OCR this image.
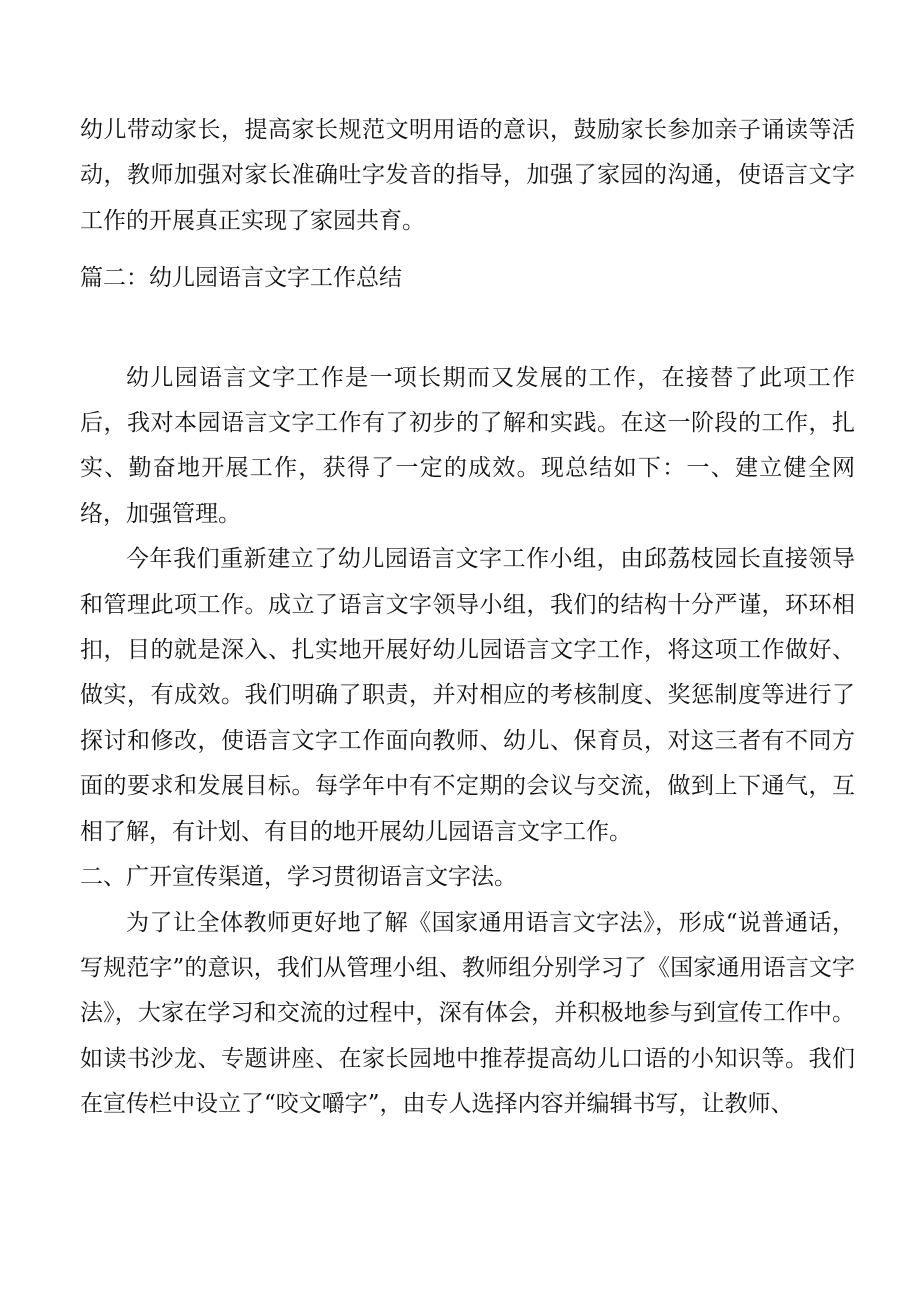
幼儿带动家长，提高家长规范文明用语的意识，鼓励家长参加亲子诵读等活动，教师加强对家长准确吐字发音的指导，加强了家园的沟通，使语言文字工作的开展真正实现了家园共育。

篇二：幼儿园语言文字工作总结

幼儿园语言文字工作是一项长期而又发展的工作，在接替了此项工作后，我对本园语言文字工作有了初步的了解和实践。在这一阶段的工作，扎实、勤奋地开展工作，获得了一定的成效。现总结如下：一、建立健全网络，加强管理。

今年我们重新建立了幼儿园语言文字工作小组，由邱荔枝园长直接领导和管理此项工作。成立了语言文字领导小组，我们的结构十分严谨，环环相扣，目的就是深入、扎实地开展好幼儿园语言文字工作，将这项工作做好、做实，有成效。我们明确了职责，并对相应的考核制度、奖惩制度等进行了探讨和修改，使语言文字工作面向教师、幼儿、保育员，对这三者有不同方面的要求和发展目标。每学年中有不定期的会议与交流，做到上下通气，互相了解，有计划、有目的地开展幼儿园语言文字工作。

二、广开宣传渠道，学习贯彻语言文字法。

为了让全体教师更好地了解《国家通用语言文字法》，形成“说普通话，写规范字”的意识，我们从管理小组、教师组分别学习了《国家通用语言文字法》，大家在学习和交流的过程中，深有体会，并积极地参与到宣传工作中。如读书沙龙、专题讲座、在家长园地中推荐提高幼儿口语的小知识等。我们在宣传栏中设立了“咬文嚼字”，由专人选择内容并编辑书写，让教师、
